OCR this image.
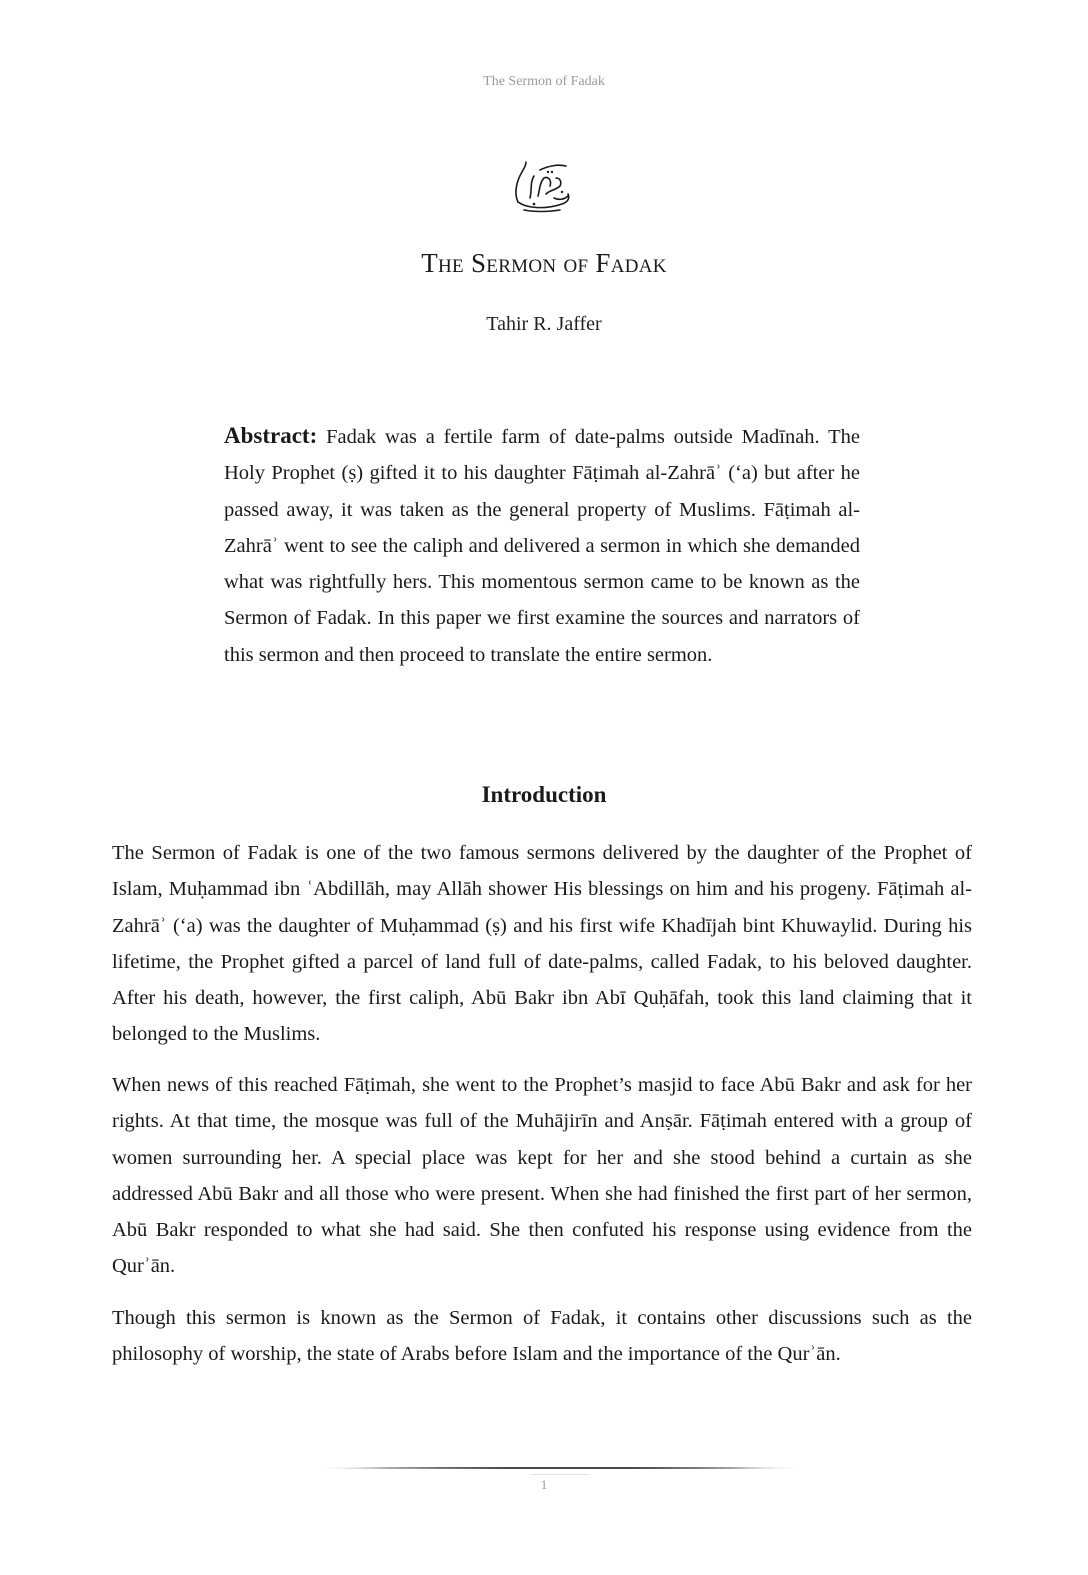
The Sermon of Fadak
The Sermon of Fadak
Tahir R. Jaffer

Abstract: Fadak was a fertile farm of date-palms outside Madīnah. The Holy Prophet (ṣ) gifted it to his daughter Fāṭimah al-Zahrāʾ (‘a) but after he passed away, it was taken as the general property of Muslims. Fāṭimah al-Zahrāʾ went to see the caliph and delivered a sermon in which she demanded what was rightfully hers. This momentous sermon came to be known as the Sermon of Fadak. In this paper we first examine the sources and narrators of this sermon and then proceed to translate the entire sermon.

Introduction

The Sermon of Fadak is one of the two famous sermons delivered by the daughter of the Prophet of Islam, Muḥammad ibn ʿAbdillāh, may Allāh shower His blessings on him and his progeny. Fāṭimah al-Zahrāʾ (‘a) was the daughter of Muḥammad (ṣ) and his first wife Khadījah bint Khuwaylid. During his lifetime, the Prophet gifted a parcel of land full of date-palms, called Fadak, to his beloved daughter. After his death, however, the first caliph, Abū Bakr ibn Abī Quḥāfah, took this land claiming that it belonged to the Muslims.

When news of this reached Fāṭimah, she went to the Prophet’s masjid to face Abū Bakr and ask for her rights. At that time, the mosque was full of the Muhājirīn and Anṣār. Fāṭimah entered with a group of women surrounding her. A special place was kept for her and she stood behind a curtain as she addressed Abū Bakr and all those who were present. When she had finished the first part of her sermon, Abū Bakr responded to what she had said. She then confuted his response using evidence from the Qurʾān.

Though this sermon is known as the Sermon of Fadak, it contains other discussions such as the philosophy of worship, the state of Arabs before Islam and the importance of the Qurʾān.

1
